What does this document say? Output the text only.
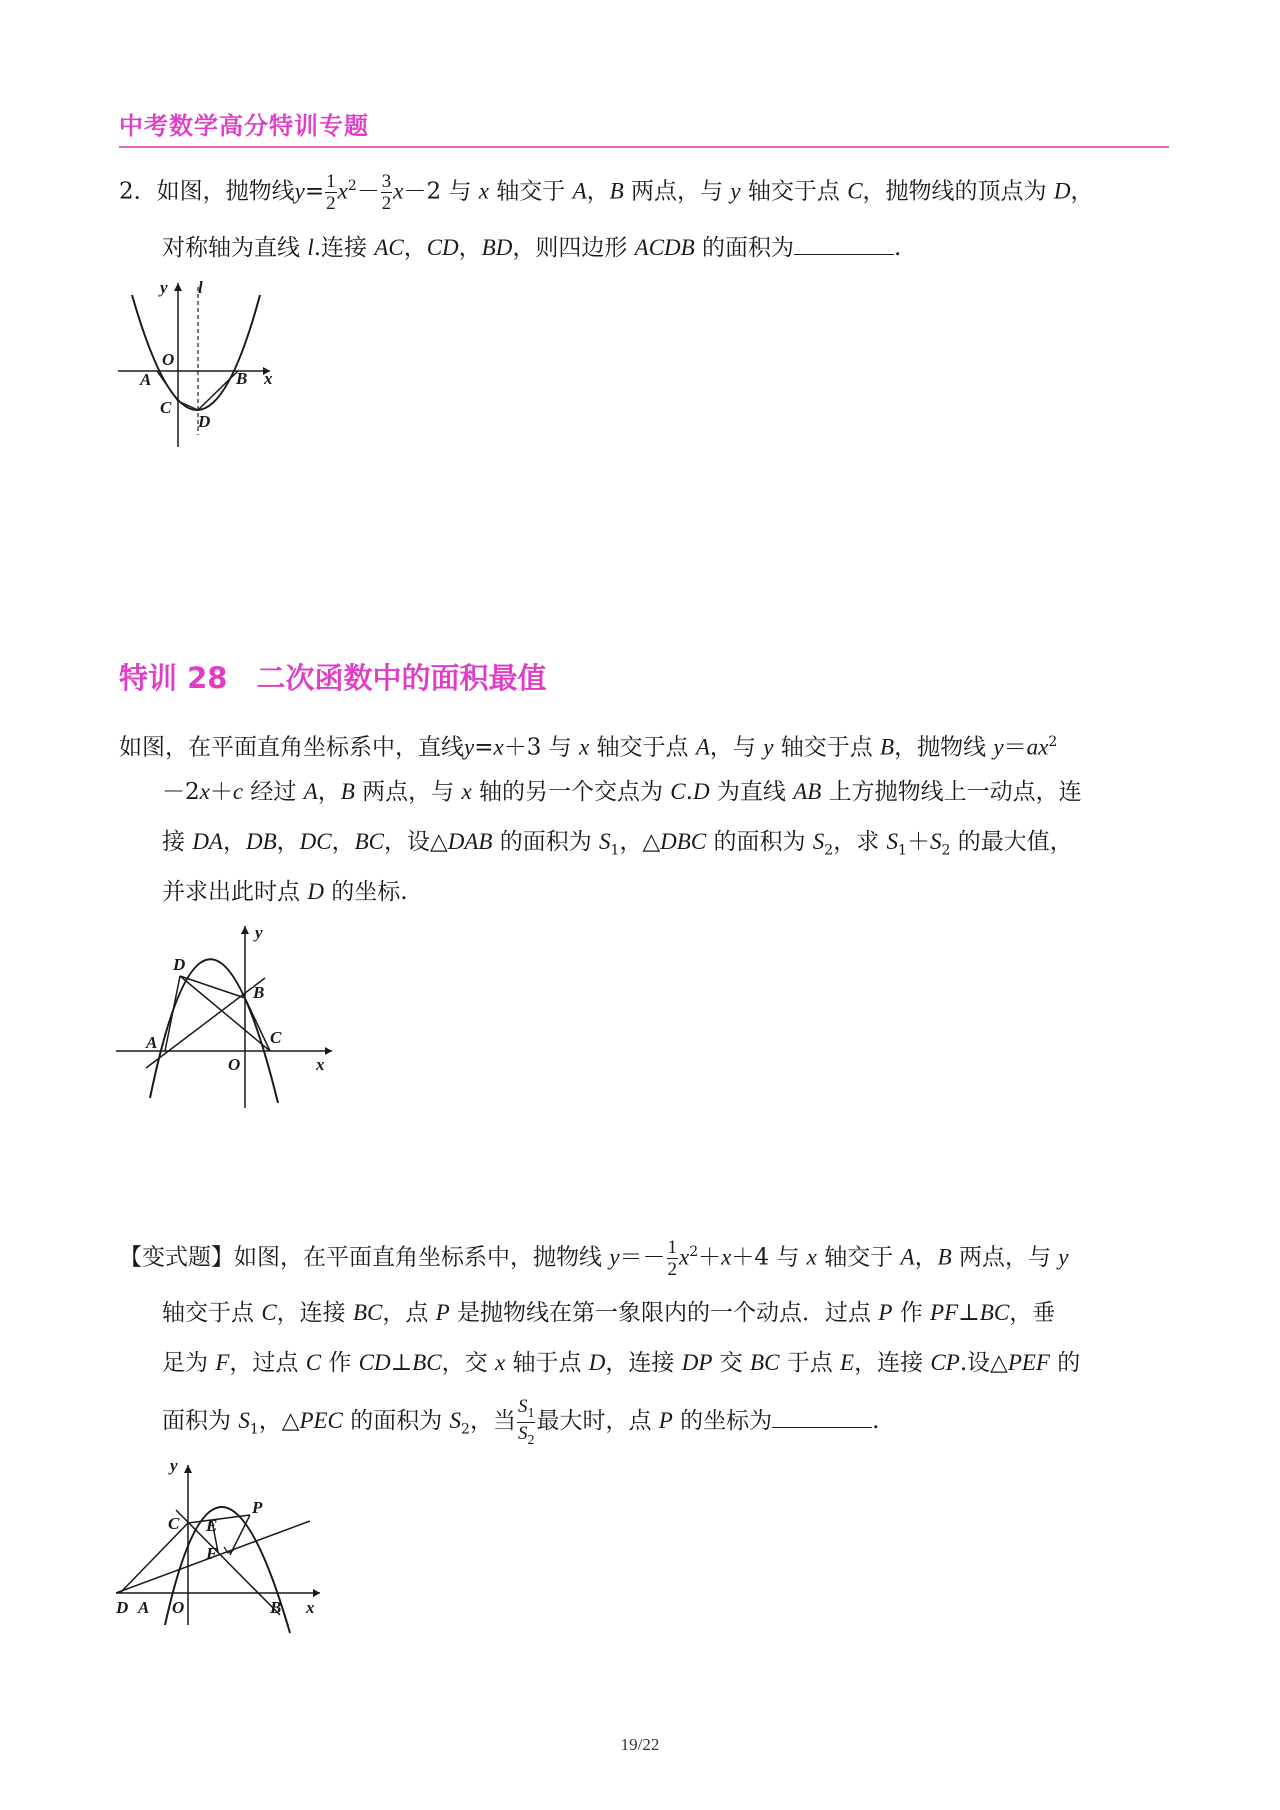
中考数学高分特训专题
2．如图，抛物线$y= \frac{1}{2} x^2- \frac{3}{2} x-2$ 与 x 轴交于 A，B 两点，与 y 轴交于点 C，抛物线的顶点为 D，
对称轴为直线 l.连接 AC，CD，BD，则四边形 ACDB 的面积为	.
y l
O
A	B x
C
D
特训 28　二次函数中的面积最值
如图，在平面直角坐标系中，直线y=x＋3 与 x 轴交于点 A，与 y 轴交于点 B，抛物线 $y=ax^2$
－2x＋c 经过 A，B 两点，与 x 轴的另一个交点为 C.D 为直线 AB 上方抛物线上一动点，连
接 DA，DB，DC，BC，设△DAB 的面积为 $S_1$，△DBC 的面积为 $S_2$，求 $S_1+S_2$ 的最大值，
并求出此时点 D 的坐标.
y
D
B
A	C
O	x
【变式题】如图，在平面直角坐标系中，抛物线 $y=- \frac{1}{2} x^2+x+4$ 与 x 轴交于 A，B 两点，与 y
轴交于点 C，连接 BC，点 P 是抛物线在第一象限内的一个动点．过点 P 作 PF⊥BC，垂
足为 F，过点 C 作 CD⊥BC，交 x 轴于点 D，连接 DP 交 BC 于点 E，连接 CP.设△PEF 的
面积为 $S_1$，△PEC 的面积为 $S_2$，当 $\frac{S_1}{S_2}$ 最大时，点 P 的坐标为	.
y
C E
P
F
D A O	B x
19/22
